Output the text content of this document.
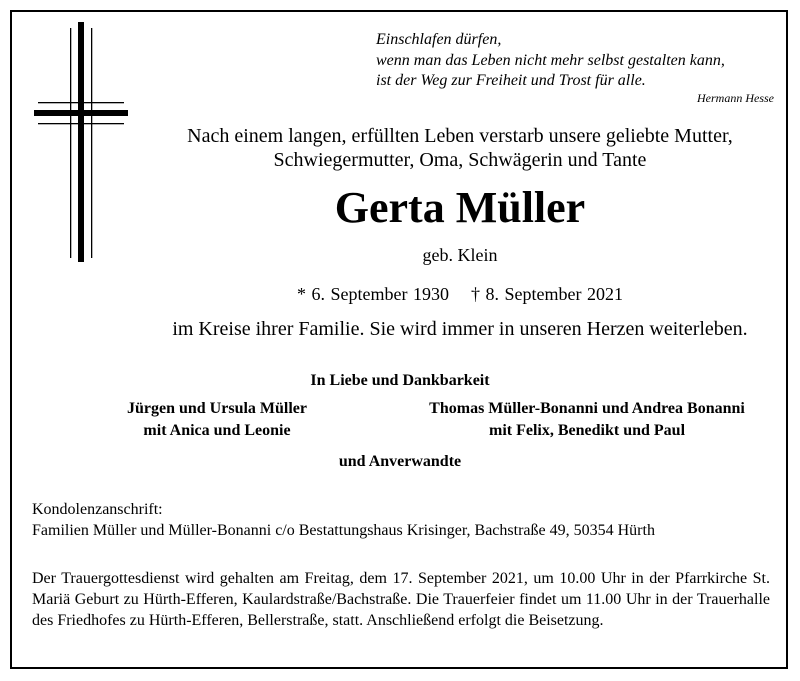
Einschlafen dürfen,
wenn man das Leben nicht mehr selbst gestalten kann,
ist der Weg zur Freiheit und Trost für alle.
Hermann Hesse
Nach einem langen, erfüllten Leben verstarb unsere geliebte Mutter,
Schwiegermutter, Oma, Schwägerin und Tante
Gerta Müller
geb. Klein
* 6. September 1930 † 8. September 2021
im Kreise ihrer Familie. Sie wird immer in unseren Herzen weiterleben.
In Liebe und Dankbarkeit
Jürgen und Ursula Müller
mit Anica und Leonie
Thomas Müller-Bonanni und Andrea Bonanni
mit Felix, Benedikt und Paul
und Anverwandte
Kondolenzanschrift:
Familien Müller und Müller-Bonanni c/o Bestattungshaus Krisinger, Bachstraße 49, 50354 Hürth
Der Trauergottesdienst wird gehalten am Freitag, dem 17. September 2021, um 10.00 Uhr in der Pfarrkirche St. Mariä Geburt zu Hürth-Efferen, Kaulardstraße/Bachstraße. Die Trauerfeier findet um 11.00 Uhr in der Trauerhalle des Friedhofes zu Hürth-Efferen, Bellerstraße, statt. Anschließend erfolgt die Beisetzung.
